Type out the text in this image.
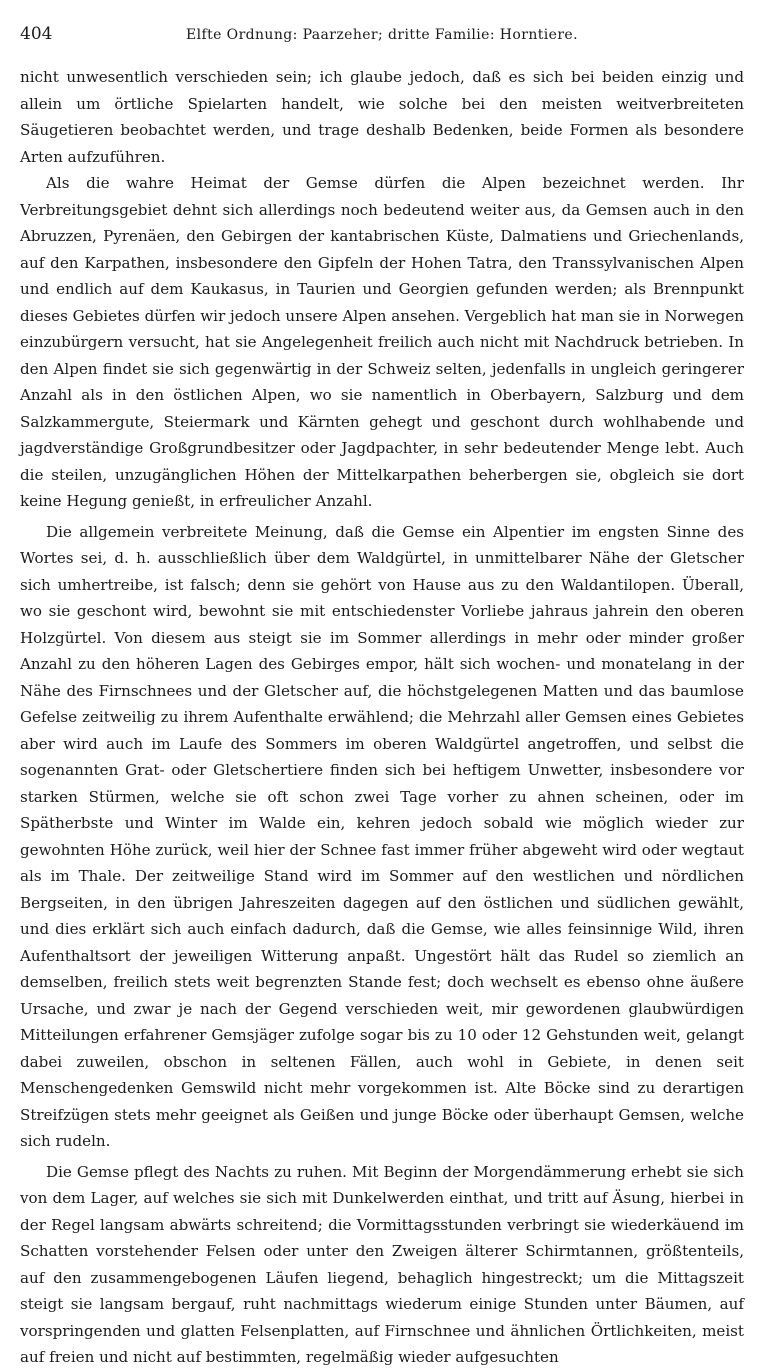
404	Elfte Ordnung: Paarzeher; dritte Familie: Horntiere.

nicht unwesentlich verschieden sein; ich glaube jedoch, daß es sich bei beiden einzig und allein um örtliche Spielarten handelt, wie solche bei den meisten weitverbreiteten Säugetieren beobachtet werden, und trage deshalb Bedenken, beide Formen als besondere Arten aufzuführen.

Als die wahre Heimat der Gemse dürfen die Alpen bezeichnet werden. Ihr Verbreitungsgebiet dehnt sich allerdings noch bedeutend weiter aus, da Gemsen auch in den Abruzzen, Pyrenäen, den Gebirgen der kantabrischen Küste, Dalmatiens und Griechenlands, auf den Karpathen, insbesondere den Gipfeln der Hohen Tatra, den Transsylvanischen Alpen und endlich auf dem Kaukasus, in Taurien und Georgien gefunden werden; als Brennpunkt dieses Gebietes dürfen wir jedoch unsere Alpen ansehen. Vergeblich hat man sie in Norwegen einzubürgern versucht, hat sie Angelegenheit freilich auch nicht mit Nachdruck betrieben. In den Alpen findet sie sich gegenwärtig in der Schweiz selten, jedenfalls in ungleich geringerer Anzahl als in den östlichen Alpen, wo sie namentlich in Oberbayern, Salzburg und dem Salzkammergute, Steiermark und Kärnten gehegt und geschont durch wohlhabende und jagdverständige Großgrundbesitzer oder Jagdpachter, in sehr bedeutender Menge lebt. Auch die steilen, unzugänglichen Höhen der Mittelkarpathen beherbergen sie, obgleich sie dort keine Hegung genießt, in erfreulicher Anzahl.

Die allgemein verbreitete Meinung, daß die Gemse ein Alpentier im engsten Sinne des Wortes sei, d. h. ausschließlich über dem Waldgürtel, in unmittelbarer Nähe der Gletscher sich umhertreibe, ist falsch; denn sie gehört von Hause aus zu den Waldantilopen. Überall, wo sie geschont wird, bewohnt sie mit entschiedenster Vorliebe jahraus jahrein den oberen Holzgürtel. Von diesem aus steigt sie im Sommer allerdings in mehr oder minder großer Anzahl zu den höheren Lagen des Gebirges empor, hält sich wochen- und monatelang in der Nähe des Firnschnees und der Gletscher auf, die höchstgelegenen Matten und das baumlose Gefelse zeitweilig zu ihrem Aufenthalte erwählend; die Mehrzahl aller Gemsen eines Gebietes aber wird auch im Laufe des Sommers im oberen Waldgürtel angetroffen, und selbst die sogenannten Grat- oder Gletschertiere finden sich bei heftigem Unwetter, insbesondere vor starken Stürmen, welche sie oft schon zwei Tage vorher zu ahnen scheinen, oder im Spätherbste und Winter im Walde ein, kehren jedoch sobald wie möglich wieder zur gewohnten Höhe zurück, weil hier der Schnee fast immer früher abgeweht wird oder wegtaut als im Thale. Der zeitweilige Stand wird im Sommer auf den westlichen und nördlichen Bergseiten, in den übrigen Jahreszeiten dagegen auf den östlichen und südlichen gewählt, und dies erklärt sich auch einfach dadurch, daß die Gemse, wie alles feinsinnige Wild, ihren Aufenthaltsort der jeweiligen Witterung anpaßt. Ungestört hält das Rudel so ziemlich an demselben, freilich stets weit begrenzten Stande fest; doch wechselt es ebenso ohne äußere Ursache, und zwar je nach der Gegend verschieden weit, mir gewordenen glaubwürdigen Mitteilungen erfahrener Gemsjäger zufolge sogar bis zu 10 oder 12 Gehstunden weit, gelangt dabei zuweilen, obschon in seltenen Fällen, auch wohl in Gebiete, in denen seit Menschengedenken Gemswild nicht mehr vorgekommen ist. Alte Böcke sind zu derartigen Streifzügen stets mehr geeignet als Geißen und junge Böcke oder überhaupt Gemsen, welche sich rudeln.

Die Gemse pflegt des Nachts zu ruhen. Mit Beginn der Morgendämmerung erhebt sie sich von dem Lager, auf welches sie sich mit Dunkelwerden einthat, und tritt auf Äsung, hierbei in der Regel langsam abwärts schreitend; die Vormittagsstunden verbringt sie wiederkäuend im Schatten vorstehender Felsen oder unter den Zweigen älterer Schirmtannen, größtenteils, auf den zusammengebogenen Läufen liegend, behaglich hingestreckt; um die Mittagszeit steigt sie langsam bergauf, ruht nachmittags wiederum einige Stunden unter Bäumen, auf vorspringenden und glatten Felsenplatten, auf Firnschnee und ähnlichen Örtlichkeiten, meist auf freien und nicht auf bestimmten, regelmäßig wieder aufgesuchten
